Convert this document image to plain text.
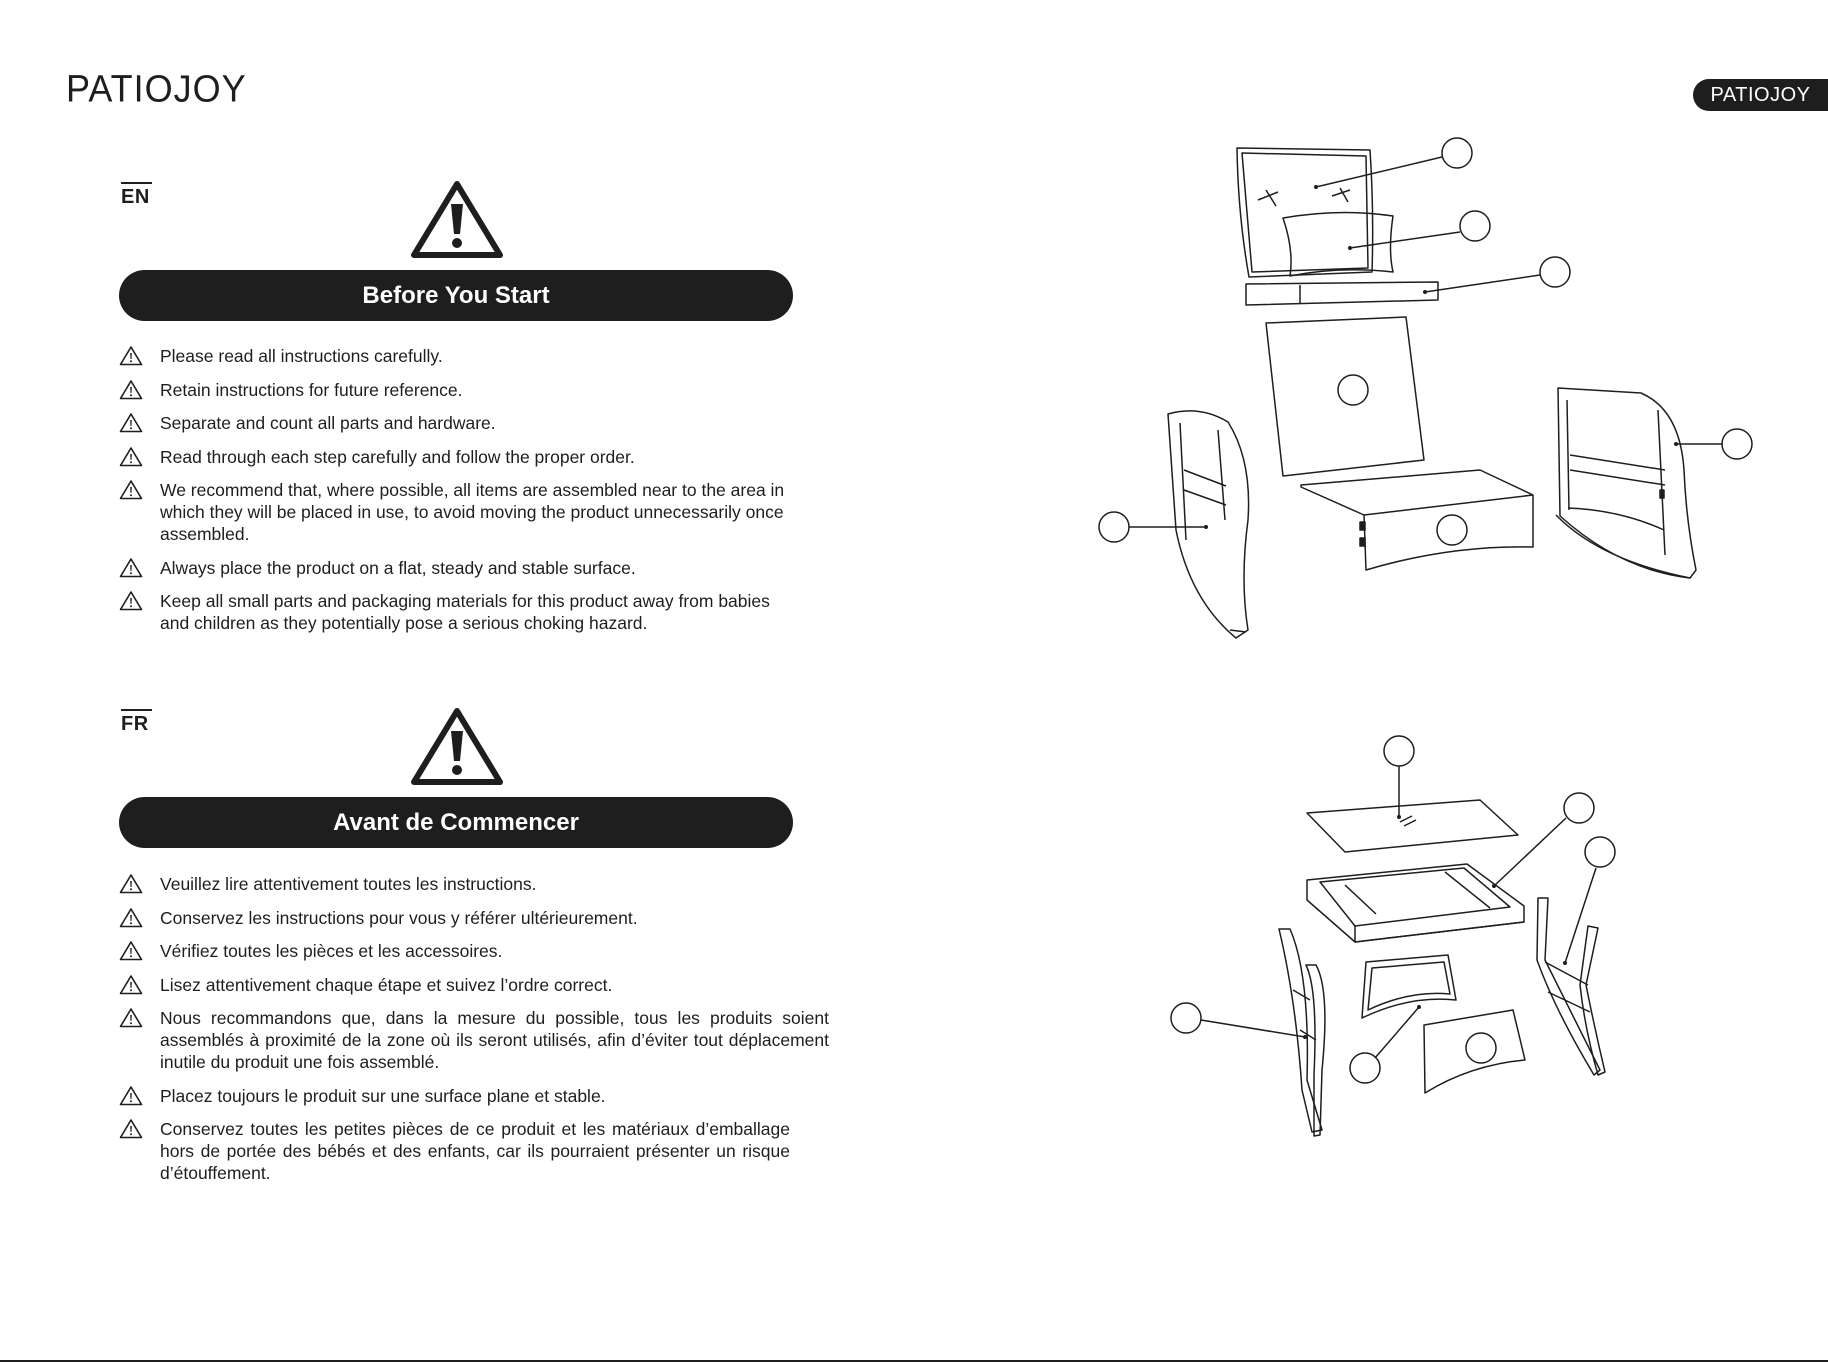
PATIOJOY	PATIOJOY
EN
Before You Start
Please read all instructions carefully.
Retain instructions for future reference.
Separate and count all parts and hardware.
Read through each step carefully and follow the proper order.
We recommend that, where possible, all items are assembled near to the area in which they will be placed in use, to avoid moving the product unnecessarily once assembled.
Always place the product on a flat, steady and stable surface.
Keep all small parts and packaging materials for this product away from babies and children as they potentially pose a serious choking hazard.
FR
Avant de Commencer
Veuillez lire attentivement toutes les instructions.
Conservez les instructions pour vous y référer ultérieurement.
Vérifiez toutes les pièces et les accessoires.
Lisez attentivement chaque étape et suivez l’ordre correct.
Nous recommandons que, dans la mesure du possible, tous les produits soient assemblés à proximité de la zone où ils seront utilisés, afin d’éviter tout déplacement inutile du produit une fois assemblé.
Placez toujours le produit sur une surface plane et stable.
Conservez toutes les petites pièces de ce produit et les matériaux d’emballage hors de portée des bébés et des enfants, car ils pourraient présenter un risque d’étouffement.
